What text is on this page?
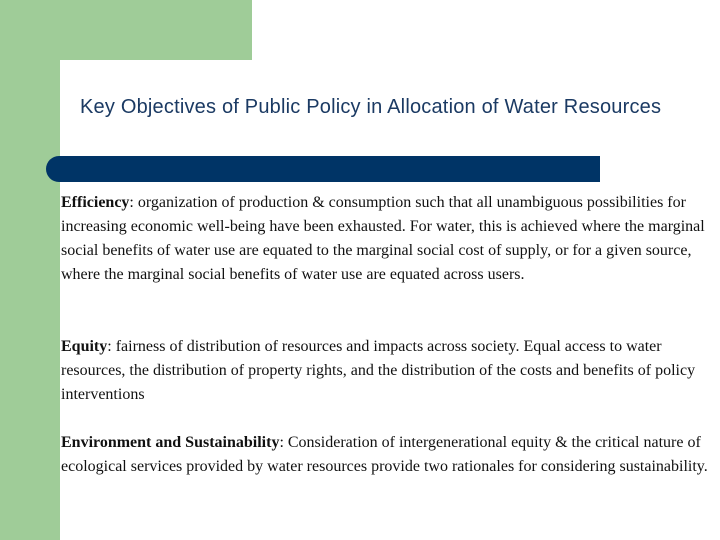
Key Objectives of Public Policy in Allocation of Water Resources

Efficiency: organization of production & consumption such that all unambiguous possibilities for increasing economic well-being have been exhausted. For water, this is achieved where the marginal social benefits of water use are equated to the marginal social cost of supply, or for a given source, where the marginal social benefits of water use are equated across users.

Equity: fairness of distribution of resources and impacts across society. Equal access to water resources, the distribution of property rights, and the distribution of the costs and benefits of policy interventions

Environment and Sustainability: Consideration of intergenerational equity & the critical nature of ecological services provided by water resources provide two rationales for considering sustainability.
